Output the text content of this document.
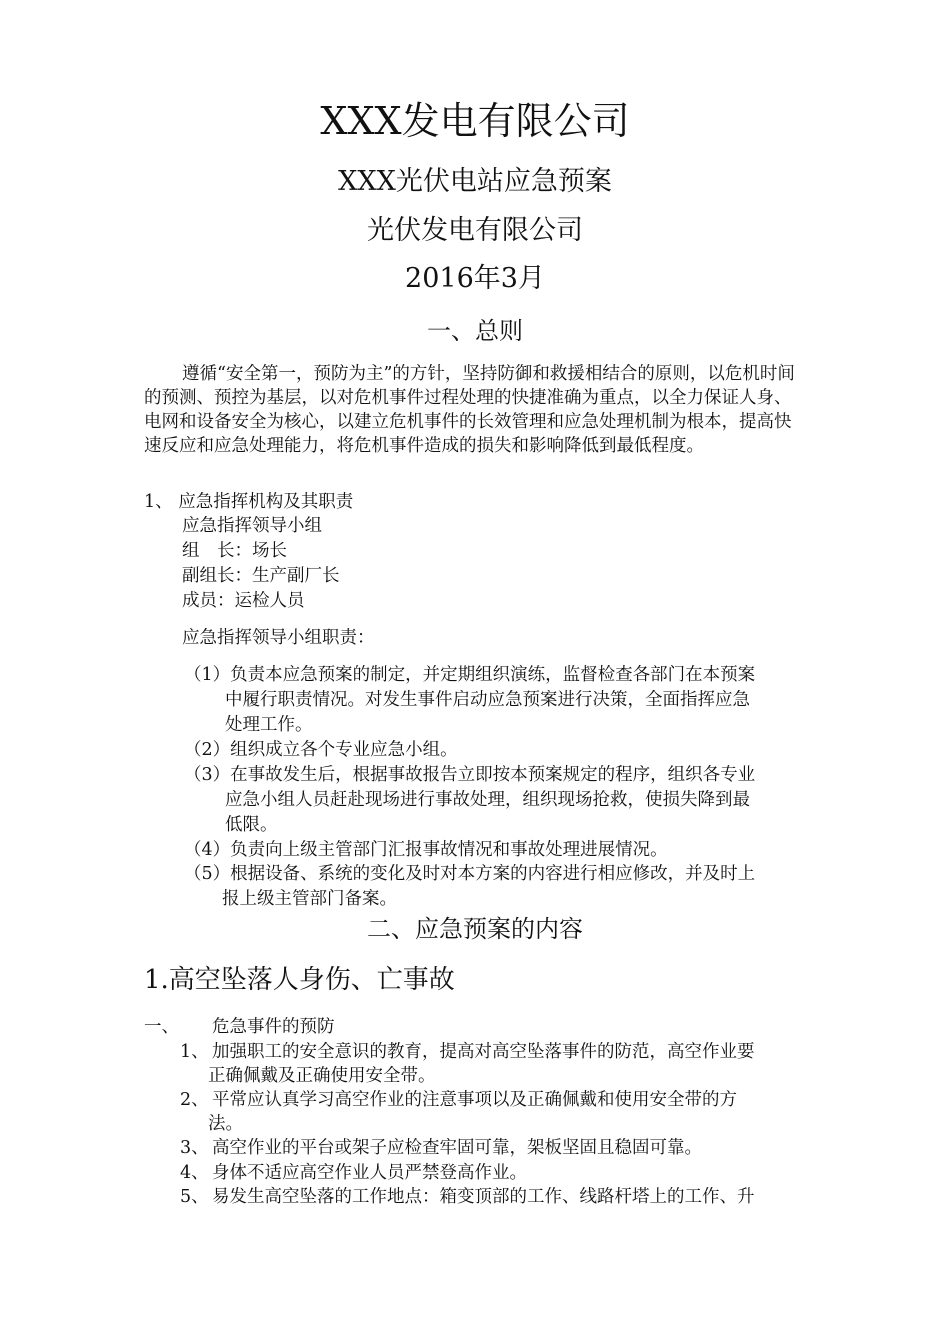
XXX发电有限公司
XXX光伏电站应急预案
光伏发电有限公司
2016年3月
一、总则

遵循“安全第一，预防为主”的方针，坚持防御和救援相结合的原则，以危机时间的预测、预控为基层，以对危机事件过程处理的快捷准确为重点，以全力保证人身、电网和设备安全为核心，以建立危机事件的长效管理和应急处理机制为根本，提高快速反应和应急处理能力，将危机事件造成的损失和影响降低到最低程度。

1、 应急指挥机构及其职责
应急指挥领导小组
组　长：场长
副组长：生产副厂长
成员：运检人员
应急指挥领导小组职责：
（1）负责本应急预案的制定，并定期组织演练，监督检查各部门在本预案
中履行职责情况。对发生事件启动应急预案进行决策，全面指挥应急
处理工作。
（2）组织成立各个专业应急小组。
（3）在事故发生后，根据事故报告立即按本预案规定的程序，组织各专业
应急小组人员赶赴现场进行事故处理，组织现场抢救，使损失降到最
低限。
（4）负责向上级主管部门汇报事故情况和事故处理进展情况。
（5）根据设备、系统的变化及时对本方案的内容进行相应修改，并及时上
报上级主管部门备案。
二、应急预案的内容
1.高空坠落人身伤、亡事故
一、 危急事件的预防
1、 加强职工的安全意识的教育，提高对高空坠落事件的防范，高空作业要
正确佩戴及正确使用安全带。
2、 平常应认真学习高空作业的注意事项以及正确佩戴和使用安全带的方
法。
3、 高空作业的平台或架子应检查牢固可靠，架板坚固且稳固可靠。
4、 身体不适应高空作业人员严禁登高作业。
5、 易发生高空坠落的工作地点：箱变顶部的工作、线路杆塔上的工作、升
